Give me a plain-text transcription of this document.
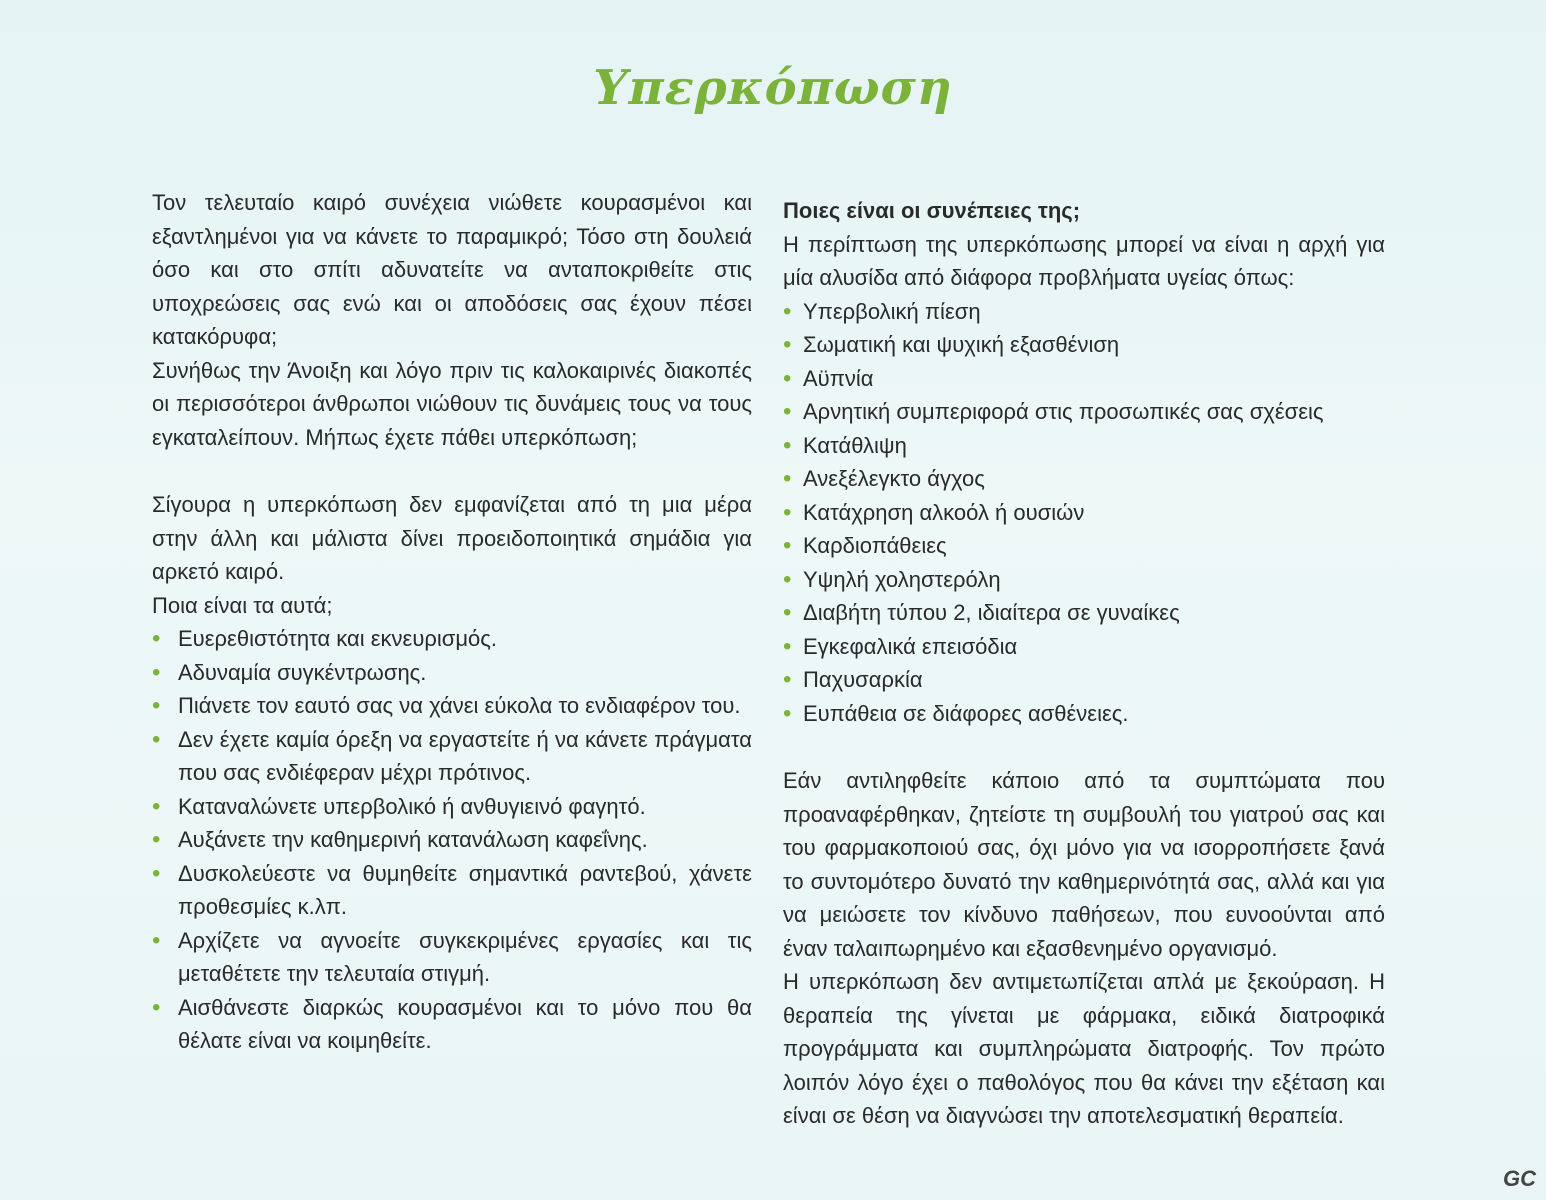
Υπερκόπωση

Τον τελευταίο καιρό συνέχεια νιώθετε κουρασμένοι και εξαντλημένοι για να κάνετε το παραμικρό; Τόσο στη δουλειά όσο και στο σπίτι αδυνατείτε να ανταποκριθείτε στις υποχρεώσεις σας ενώ και οι αποδόσεις σας έχουν πέσει κατακόρυφα;

Συνήθως την Άνοιξη και λόγο πριν τις καλοκαιρινές διακοπές οι περισσότεροι άνθρωποι νιώθουν τις δυνάμεις τους να τους εγκαταλείπουν. Μήπως έχετε πάθει υπερκόπωση;

Σίγουρα η υπερκόπωση δεν εμφανίζεται από τη μια μέρα στην άλλη και μάλιστα δίνει προειδοποιητικά σημάδια για αρκετό καιρό.

Ποια είναι τα αυτά;

• Ευερεθιστότητα και εκνευρισμός.
• Αδυναμία συγκέντρωσης.
• Πιάνετε τον εαυτό σας να χάνει εύκολα το ενδιαφέρον του.
• Δεν έχετε καμία όρεξη να εργαστείτε ή να κάνετε πράγματα που σας ενδιέφεραν μέχρι πρότινος.
• Καταναλώνετε υπερβολικό ή ανθυγιεινό φαγητό.
• Αυξάνετε την καθημερινή κατανάλωση καφεΐνης.
• Δυσκολεύεστε να θυμηθείτε σημαντικά ραντεβού, χάνετε προθεσμίες κ.λπ.
• Αρχίζετε να αγνοείτε συγκεκριμένες εργασίες και τις μεταθέτετε την τελευταία στιγμή.
• Αισθάνεστε διαρκώς κουρασμένοι και το μόνο που θα θέλατε είναι να κοιμηθείτε.

Ποιες είναι οι συνέπειες της;

Η περίπτωση της υπερκόπωσης μπορεί να είναι η αρχή για μία αλυσίδα από διάφορα προβλήματα υγείας όπως:

• Υπερβολική πίεση
• Σωματική και ψυχική εξασθένιση
• Αϋπνία
• Αρνητική συμπεριφορά στις προσωπικές σας σχέσεις
• Κατάθλιψη
• Ανεξέλεγκτο άγχος
• Κατάχρηση αλκοόλ ή ουσιών
• Καρδιοπάθειες
• Υψηλή χοληστερόλη
• Διαβήτη τύπου 2, ιδιαίτερα σε γυναίκες
• Εγκεφαλικά επεισόδια
• Παχυσαρκία
• Ευπάθεια σε διάφορες ασθένειες.

Εάν αντιληφθείτε κάποιο από τα συμπτώματα που προαναφέρθηκαν, ζητείστε τη συμβουλή του γιατρού σας και του φαρμακοποιού σας, όχι μόνο για να ισορροπήσετε ξανά το συντομότερο δυνατό την καθημερινότητά σας, αλλά και για να μειώσετε τον κίνδυνο παθήσεων, που ευνοούνται από έναν ταλαιπωρημένο και εξασθενημένο οργανισμό.

Η υπερκόπωση δεν αντιμετωπίζεται απλά με ξεκούραση. Η θεραπεία της γίνεται με φάρμακα, ειδικά διατροφικά προγράμματα και συμπληρώματα διατροφής. Τον πρώτο λοιπόν λόγο έχει ο παθολόγος που θα κάνει την εξέταση και είναι σε θέση να διαγνώσει την αποτελεσματική θεραπεία.

GC
